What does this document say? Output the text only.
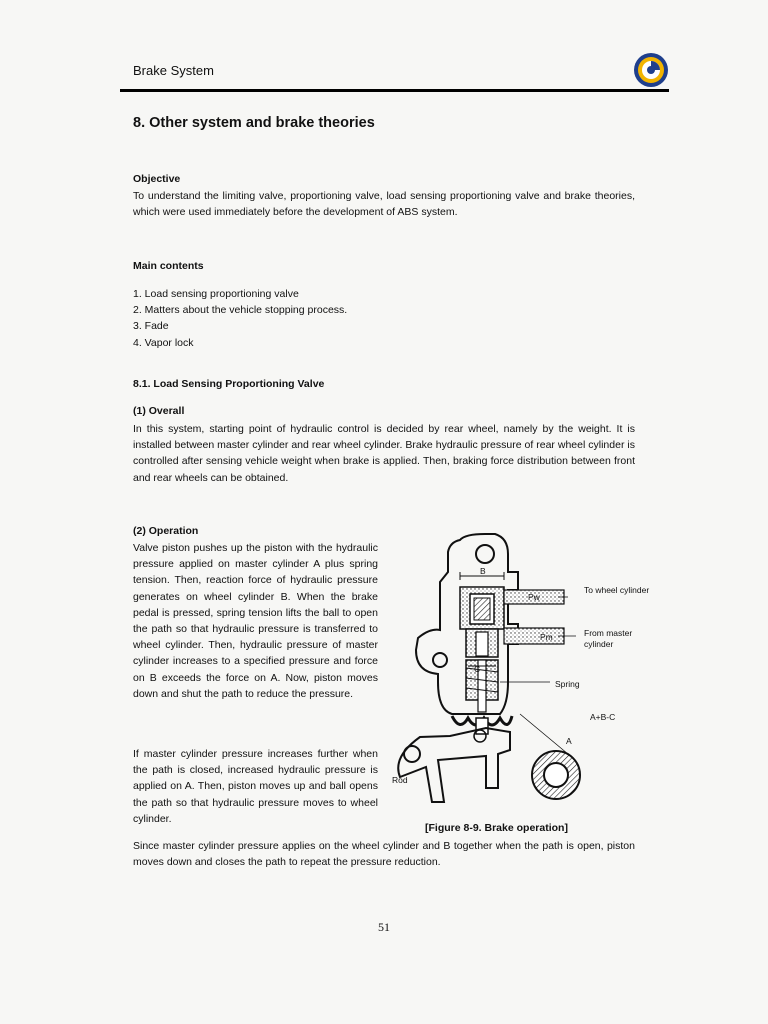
Brake System
8. Other system and brake theories
Objective

To understand the limiting valve, proportioning valve, load sensing proportioning valve and brake theories, which were used immediately before the development of ABS system.

Main contents
1. Load sensing proportioning valve
2. Matters about the vehicle stopping process.
3. Fade
4. Vapor lock
8.1. Load Sensing Proportioning Valve
(1) Overall

In this system, starting point of hydraulic control is decided by rear wheel, namely by the weight. It is installed between master cylinder and rear wheel cylinder. Brake hydraulic pressure of rear wheel cylinder is controlled after sensing vehicle weight when brake is applied. Then, braking force distribution between front and rear wheels can be obtained.

(2) Operation

Valve piston pushes up the piston with the hydraulic pressure applied on master cylinder A plus spring tension. Then, reaction force of hydraulic pressure generates on wheel cylinder B. When the brake pedal is pressed, spring tension lifts the ball to open the path so that hydraulic pressure is transferred to wheel cylinder. Then, hydraulic pressure of master cylinder increases to a specified pressure and force on B exceeds the force on A. Now, piston moves down and shut the path to reduce the pressure.

If master cylinder pressure increases further when the path is closed, increased hydraulic pressure is applied on A. Then, piston moves up and ball opens the path so that hydraulic pressure moves to wheel cylinder.

To wheel cylinder
From master
cylinder
Spring
A+B-C
A
Rod
B
C
Pw
Pm
[Figure 8-9. Brake operation]

Since master cylinder pressure applies on the wheel cylinder and B together when the path is open, piston moves down and closes the path to repeat the pressure reduction.

51
